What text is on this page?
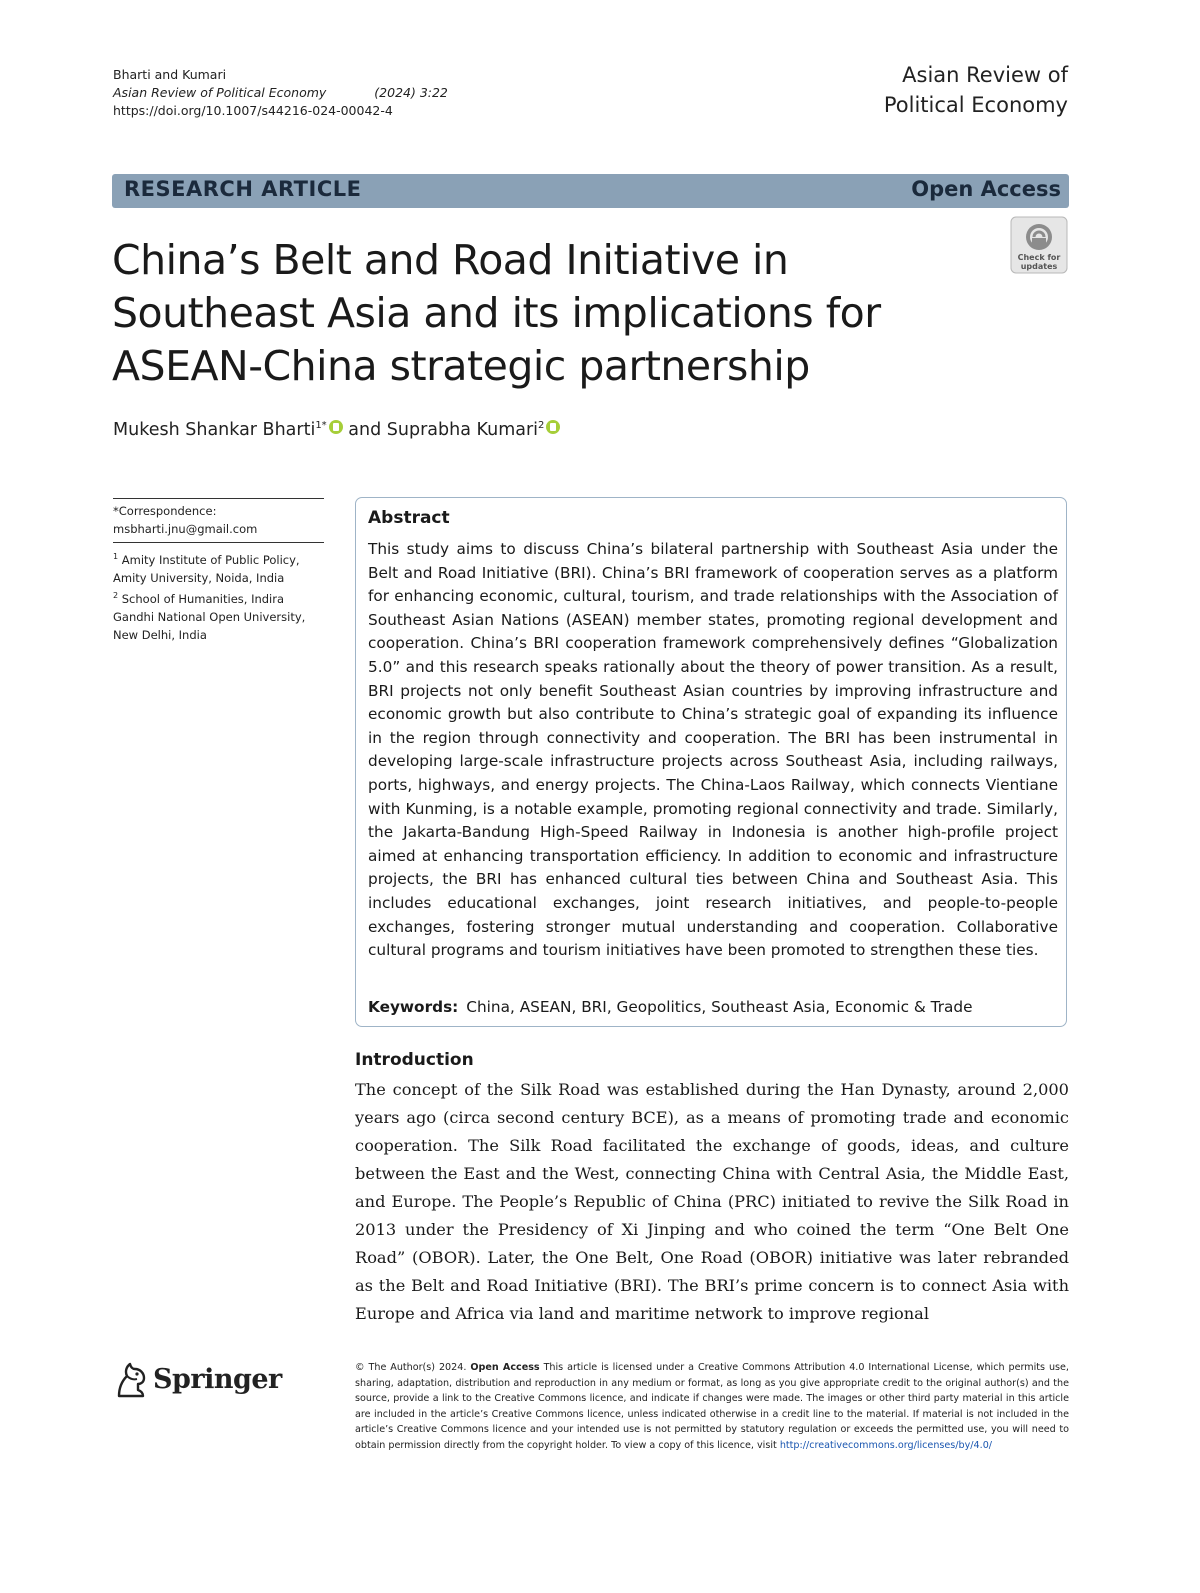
Bharti and Kumari
Asian Review of Political Economy	(2024) 3:22
https://doi.org/10.1007/s44216-024-00042-4
Asian Review of
Political Economy
RESEARCH ARTICLE	Open Access
China’s Belt and Road Initiative in Southeast Asia and its implications for ASEAN-China strategic partnership
Check for
updates
Mukesh Shankar Bharti$^{1*}$ and Suprabha Kumari$^2$
*Correspondence:
msbharti.jnu@gmail.com
$^1$ Amity Institute of Public Policy, Amity University, Noida, India
$^2$ School of Humanities, Indira Gandhi National Open University, New Delhi, India
Abstract
This study aims to discuss China’s bilateral partnership with Southeast Asia under the Belt and Road Initiative (BRI). China’s BRI framework of cooperation serves as a platform for enhancing economic, cultural, tourism, and trade relationships with the Association of Southeast Asian Nations (ASEAN) member states, promoting regional development and cooperation. China’s BRI cooperation framework comprehensively defines “Globalization 5.0” and this research speaks rationally about the theory of power transition. As a result, BRI projects not only benefit Southeast Asian countries by improving infrastructure and economic growth but also contribute to China’s strategic goal of expanding its influence in the region through connectivity and cooperation. The BRI has been instrumental in developing large-scale infrastructure projects across Southeast Asia, including railways, ports, highways, and energy projects. The China-Laos Railway, which connects Vientiane with Kunming, is a notable example, promoting regional connectivity and trade. Similarly, the Jakarta-Bandung High-Speed Railway in Indonesia is another high-profile project aimed at enhancing transportation efficiency. In addition to economic and infrastructure projects, the BRI has enhanced cultural ties between China and Southeast Asia. This includes educational exchanges, joint research initiatives, and people-to-people exchanges, fostering stronger mutual understanding and cooperation. Collaborative cultural programs and tourism initiatives have been promoted to strengthen these ties.
Keywords: China, ASEAN, BRI, Geopolitics, Southeast Asia, Economic & Trade
Introduction
The concept of the Silk Road was established during the Han Dynasty, around 2,000 years ago (circa second century BCE), as a means of promoting trade and economic cooperation. The Silk Road facilitated the exchange of goods, ideas, and culture between the East and the West, connecting China with Central Asia, the Middle East, and Europe. The People’s Republic of China (PRC) initiated to revive the Silk Road in 2013 under the Presidency of Xi Jinping and who coined the term “One Belt One Road” (OBOR). Later, the One Belt, One Road (OBOR) initiative was later rebranded as the Belt and Road Initiative (BRI). The BRI’s prime concern is to connect Asia with Europe and Africa via land and maritime network to improve regional
Springer	© The Author(s) 2024. Open Access This article is licensed under a Creative Commons Attribution 4.0 International License, which permits use, sharing, adaptation, distribution and reproduction in any medium or format, as long as you give appropriate credit to the original author(s) and the source, provide a link to the Creative Commons licence, and indicate if changes were made. The images or other third party material in this article are included in the article’s Creative Commons licence, unless indicated otherwise in a credit line to the material. If material is not included in the article’s Creative Commons licence and your intended use is not permitted by statutory regulation or exceeds the permitted use, you will need to obtain permission directly from the copyright holder. To view a copy of this licence, visit http://creativecommons.org/licenses/by/4.0/
